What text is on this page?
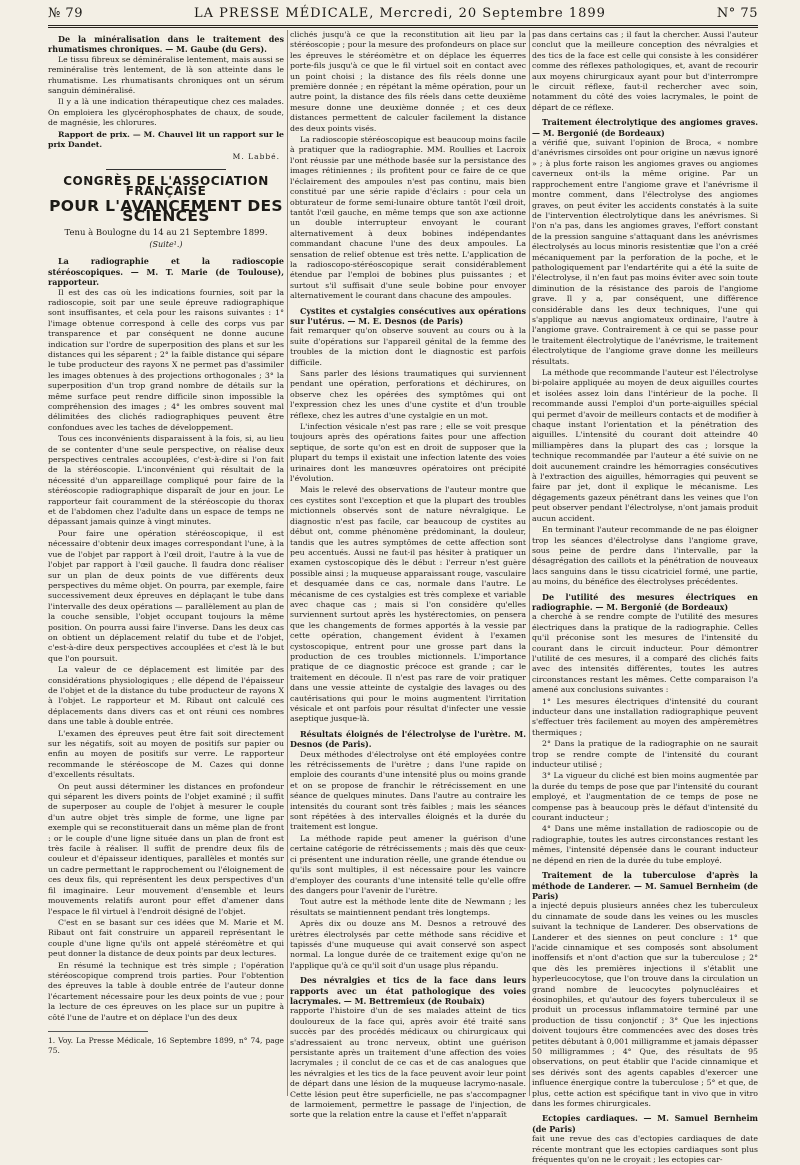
№ 79	LA PRESSE MÉDICALE, Mercredi, 20 Septembre 1899	N° 75
De la minéralisation dans le traitement des rhumatismes chroniques. — M. Gaube (du Gers).

Le tissu fibreux se déminéralise lentement, mais aussi se reminéralise très lentement, de là son atteinte dans le rhumatisme. Les rhumatisants chroniques ont un sérum sanguin déminéralisé.

Il y a là une indication thérapeutique chez ces malades. On emploiera les glycérophosphates de chaux, de soude, de magnésie, les chlorures.

Rapport de prix. — M. Chauvel lit un rapport sur le prix Dandet.

M. Labbé.
CONGRÈS DE L'ASSOCIATION FRANÇAISE
POUR L'AVANCEMENT DES SCIENCES
Tenu à Boulogne du 14 au 21 Septembre 1899.
(Suite¹.)
La radiographie et la radioscopie stéréoscopiques. — M. T. Marie (de Toulouse), rapporteur.

Il est des cas où les indications fournies, soit par la radioscopie, soit par une seule épreuve radiographique sont insuffisantes, et cela pour les raisons suivantes : 1° l'image obtenue correspond à celle des corps vus par transparence et par conséquent ne donne aucune indication sur l'ordre de superposition des plans et sur les distances qui les séparent ; 2° la faible distance qui sépare le tube producteur des rayons X ne permet pas d'assimiler les images obtenues à des projections orthogonales ; 3° la superposition d'un trop grand nombre de détails sur la même surface peut rendre difficile sinon impossible la compréhension des images ; 4° les ombres souvent mal délimitées des clichés radiographiques peuvent être confondues avec les taches de développement.

Tous ces inconvénients disparaissent à la fois, si, au lieu de se contenter d'une seule perspective, on réalise deux perspectives centrales accouplées, c'est-à-dire si l'on fait de la stéréoscopie. L'inconvénient qui résultait de la nécessité d'un appareillage compliqué pour faire de la stéréoscopie radiographique disparaît de jour en jour. Le rapporteur fait couramment de la stéréoscopie du thorax et de l'abdomen chez l'adulte dans un espace de temps ne dépassant jamais quinze à vingt minutes.

Pour faire une opération stéréoscopique, il est nécessaire d'obtenir deux images correspondant l'une, à la vue de l'objet par rapport à l'œil droit, l'autre à la vue de l'objet par rapport à l'œil gauche. Il faudra donc réaliser sur un plan de deux points de vue différents deux perspectives du même objet. On pourra, par exemple, faire successivement deux épreuves en déplaçant le tube dans l'intervalle des deux opérations — parallèlement au plan de la couche sensible, l'objet occupant toujours la même position. On pourra aussi faire l'inverse. Dans les deux cas on obtient un déplacement relatif du tube et de l'objet, c'est-à-dire deux perspectives accouplées et c'est là le but que l'on poursuit.

La valeur de ce déplacement est limitée par des considérations physiologiques ; elle dépend de l'épaisseur de l'objet et de la distance du tube producteur de rayons X à l'objet. Le rapporteur et M. Ribaut ont calculé ces déplacements dans divers cas et ont réuni ces nombres dans une table à double entrée.

L'examen des épreuves peut être fait soit directement sur les négatifs, soit au moyen de positifs sur papier ou enfin au moyen de positifs sur verre. Le rapporteur recommande le stéréoscope de M. Cazes qui donne d'excellents résultats.

On peut aussi déterminer les distances en profondeur qui séparent les divers points de l'objet examiné ; il suffit de superposer au couple de l'objet à mesurer le couple d'un autre objet très simple de forme, une ligne par exemple qui se reconstituerait dans un même plan de front : or le couple d'une ligne située dans un plan de front est très facile à réaliser. Il suffit de prendre deux fils de couleur et d'épaisseur identiques, parallèles et montés sur un cadre permettant le rapprochement ou l'éloignement de ces deux fils, qui représentent les deux perspectives d'un fil imaginaire. Leur mouvement d'ensemble et leurs mouvements relatifs auront pour effet d'amener dans l'espace le fil virtuel à l'endroit désigné de l'objet.

C'est en se basant sur ces idées que M. Marie et M. Ribaut ont fait construire un appareil représentant le couple d'une ligne qu'ils ont appelé stéréomètre et qui peut donner la distance de deux points par deux lectures.

En résumé la technique est très simple ; l'opération stéréoscopique comprend trois parties. Pour l'obtention des épreuves la table à double entrée de l'auteur donne l'écartement nécessaire pour les deux points de vue ; pour la lecture de ces épreuves on les place sur un pupitre à côté l'une de l'autre et on déplace l'un des deux

1. Voy. La Presse Médicale, 16 Septembre 1899, n° 74, page 75.

clichés jusqu'à ce que la reconstitution ait lieu par la stéréoscopie ; pour la mesure des profondeurs on place sur les épreuves le stéréomètre et on déplace les équerres porte-fils jusqu'à ce que le fil virtuel soit en contact avec un point choisi ; la distance des fils réels donne une première donnée ; en répétant la même opération, pour un autre point, la distance des fils réels dans cette deuxième mesure donne une deuxième donnée ; et ces deux distances permettent de calculer facilement la distance des deux points visés.

La radioscopie stéréoscopique est beaucoup moins facile à pratiquer que la radiographie. MM. Roullies et Lacroix l'ont réussie par une méthode basée sur la persistance des images rétiniennes ; ils profitent pour ce faire de ce que l'éclairement des ampoules n'est pas continu, mais bien constitué par une série rapide d'éclairs : pour cela un obturateur de forme semi-lunaire obture tantôt l'œil droit, tantôt l'œil gauche, en même temps que son axe actionne un double interrupteur envoyant le courant alternativement à deux bobines indépendantes commandant chacune l'une des deux ampoules. La sensation de relief obtenue est très nette. L'application de la radioscopo-stéréoscopique serait considérablement étendue par l'emploi de bobines plus puissantes ; et surtout s'il suffisait d'une seule bobine pour envoyer alternativement le courant dans chacune des ampoules.

Cystites et cystalgies consécutives aux opérations sur l'utérus. — M. E. Desnos (de Paris)

fait remarquer qu'on observe souvent au cours ou à la suite d'opérations sur l'appareil génital de la femme des troubles de la miction dont le diagnostic est parfois difficile.

Sans parler des lésions traumatiques qui surviennent pendant une opération, perforations et déchirures, on observe chez les opérées des symptômes qui ont l'expression chez les unes d'une cystite et d'un trouble réflexe, chez les autres d'une cystalgie en un mot.

L'infection vésicale n'est pas rare ; elle se voit presque toujours après des opérations faites pour une affection septique, de sorte qu'on est en droit de supposer que la plupart du temps il existait une infection latente des voies urinaires dont les manœuvres opératoires ont précipité l'évolution.

Mais le relevé des observations de l'auteur montre que ces cystites sont l'exception et que la plupart des troubles mictionnels observés sont de nature névralgique. Le diagnostic n'est pas facile, car beaucoup de cystites au début ont, comme phénomène prédominant, la douleur, tandis que les autres symptômes de cette affection sont peu accentués. Aussi ne faut-il pas hésiter à pratiquer un examen cystoscopique dès le début : l'erreur n'est guère possible ainsi ; la muqueuse apparaissant rouge, vasculaire et desquamée dans ce cas, normale dans l'autre. Le mécanisme de ces cystalgies est très complexe et variable avec chaque cas ; mais si l'on considère qu'elles surviennent surtout après les hystérectomies, on pensera que les changements de formes apportés à la vessie par cette opération, changement évident à l'examen cystoscopique, entrent pour une grosse part dans la production de ces troubles mictionnels. L'importance pratique de ce diagnostic précoce est grande ; car le traitement en découle. Il n'est pas rare de voir pratiquer dans une vessie atteinte de cystalgie des lavages ou des cautérisations qui pour le moins augmentent l'irritation vésicale et ont parfois pour résultat d'infecter une vessie aseptique jusque-là.

Résultats éloignés de l'électrolyse de l'urètre. M. Desnos (de Paris).

Deux méthodes d'électrolyse ont été employées contre les rétrécissements de l'urètre ; dans l'une rapide on emploie des courants d'une intensité plus ou moins grande et on se propose de franchir le rétrécissement en une séance de quelques minutes. Dans l'autre au contraire les intensités du courant sont très faibles ; mais les séances sont répétées à des intervalles éloignés et la durée du traitement est longue.

La méthode rapide peut amener la guérison d'une certaine catégorie de rétrécissements ; mais dès que ceux-ci présentent une induration réelle, une grande étendue ou qu'ils sont multiples, il est nécessaire pour les vaincre d'employer des courants d'une intensité telle qu'elle offre des dangers pour l'avenir de l'urètre.

Tout autre est la méthode lente dite de Newmann ; les résultats se maintiennent pendant très longtemps.

Après dix ou douze ans M. Desnos a retrouvé des urètres électrolysés par cette méthode sans récidive et tapissés d'une muqueuse qui avait conservé son aspect normal. La longue durée de ce traitement exige qu'on ne l'applique qu'à ce qu'il soit d'un usage plus répandu.

Des névralgies et tics de la face dans leurs rapports avec un état pathologique des voies lacrymales. — M. Bettremieux (de Roubaix)

rapporte l'histoire d'un de ses malades atteint de tics douloureux de la face qui, après avoir été traité sans succès par des procédés médicaux ou chirurgicaux qui s'adressaient au tronc nerveux, obtint une guérison persistante après un traitement d'une affection des voies lacrymales ; il conclut de ce cas et de cas analogues que les névralgies et les tics de la face peuvent avoir leur point de départ dans une lésion de la muqueuse lacrymo-nasale. Cette lésion peut être superficielle, ne pas s'accompagner de larmoiement, permettre le passage de l'injection, de sorte que la relation entre la cause et l'effet n'apparaît

pas dans certains cas ; il faut la chercher. Aussi l'auteur conclut que la meilleure conception des névralgies et des tics de la face est celle qui consiste à les considérer comme des réflexes pathologiques, et, avant de recourir aux moyens chirurgicaux ayant pour but d'interrompre le circuit réflexe, faut-il rechercher avec soin, notamment du côté des voies lacrymales, le point de départ de ce réflexe.

Traitement électrolytique des angiomes graves. — M. Bergonié (de Bordeaux)

a vérifié que, suivant l'opinion de Broca, « nombre d'anévrismes cirsoïdes ont pour origine un nævus ignoré » ; à plus forte raison les angiomes graves ou angiomes caverneux ont-ils la même origine. Par un rapprochement entre l'angiome grave et l'anévrisme il montre comment, dans l'électrolyse des angiomes graves, on peut éviter les accidents constatés à la suite de l'intervention électrolytique dans les anévrismes. Si l'on n'a pas, dans les angiomes graves, l'effort constant de la pression sanguine s'attaquant dans les anévrismes électrolysés au locus minoris resistentiæ que l'on a créé mécaniquement par la perforation de la poche, et le pathologiquement par l'endartérite qui a été la suite de l'électrolyse, il n'en faut pas moins éviter avec soin toute diminution de la résistance des parois de l'angiome grave. Il y a, par conséquent, une différence considérable dans les deux techniques, l'une qui s'applique au nævus angiomateux ordinaire, l'autre à l'angiome grave. Contrairement à ce qui se passe pour le traitement électrolytique de l'anévrisme, le traitement électrolytique de l'angiome grave donne les meilleurs résultats.

La méthode que recommande l'auteur est l'électrolyse bi-polaire appliquée au moyen de deux aiguilles courtes et isolées assez loin dans l'intérieur de la poche. Il recommande aussi l'emploi d'un porte-aiguilles spécial qui permet d'avoir de meilleurs contacts et de modifier à chaque instant l'orientation et la pénétration des aiguilles. L'intensité du courant doit atteindre 40 milliampères dans la plupart des cas ; lorsque la technique recommandée par l'auteur a été suivie on ne doit aucunement craindre les hémorragies consécutives à l'extraction des aiguilles, hémorragies qui peuvent se faire par jet, dont il explique le mécanisme. Les dégagements gazeux pénétrant dans les veines que l'on peut observer pendant l'électrolyse, n'ont jamais produit aucun accident.

En terminant l'auteur recommande de ne pas éloigner trop les séances d'électrolyse dans l'angiome grave, sous peine de perdre dans l'intervalle, par la désagrégation des caillots et la pénétration de nouveaux lacs sanguins dans le tissu cicatriciel formé, une partie, au moins, du bénéfice des électrolyses précédentes.

De l'utilité des mesures électriques en radiographie. — M. Bergonié (de Bordeaux)

a cherché à se rendre compte de l'utilité des mesures électriques dans la pratique de la radiographie. Celles qu'il préconise sont les mesures de l'intensité du courant dans le circuit inducteur. Pour démontrer l'utilité de ces mesures, il a comparé des clichés faits avec des intensités différentes, toutes les autres circonstances restant les mêmes. Cette comparaison l'a amené aux conclusions suivantes :

1° Les mesures électriques d'intensité du courant inducteur dans une installation radiographique peuvent s'effectuer très facilement au moyen des ampèremètres thermiques ;

2° Dans la pratique de la radiographie on ne saurait trop se rendre compte de l'intensité du courant inducteur utilisé ;

3° La vigueur du cliché est bien moins augmentée par la durée du temps de pose que par l'intensité du courant employé, et l'augmentation de ce temps de pose ne compense pas à beaucoup près le défaut d'intensité du courant inducteur ;

4° Dans une même installation de radioscopie ou de radiographie, toutes les autres circonstances restant les mêmes, l'intensité dépensée dans le courant inducteur ne dépend en rien de la durée du tube employé.

Traitement de la tuberculose d'après la méthode de Landerer. — M. Samuel Bernheim (de Paris)

a injecté depuis plusieurs années chez les tuberculeux du cinnamate de soude dans les veines ou les muscles suivant la technique de Landerer. Des observations de Landerer et des siennes on peut conclure : 1° que l'acide cinnamique et ses composés sont absolument inoffensifs et n'ont d'action que sur la tuberculose ; 2° que dès les premières injections il s'établit une hyperleucocytose, que l'on trouve dans la circulation un grand nombre de leucocytes polynucléaires et éosinophiles, et qu'autour des foyers tuberculeux il se produit un processus inflammatoire terminé par une production de tissu conjonctif ; 3° Que les injections doivent toujours être commencées avec des doses très petites débutant à 0,001 milligramme et jamais dépasser 50 milligrammes ; 4° Que, des résultats de 95 observations, on peut établir que l'acide cinnamique et ses dérivés sont des agents capables d'exercer une influence énergique contre la tuberculose ; 5° et que, de plus, cette action est spécifique tant in vivo que in vitro dans les formes chirurgicales.

Ectopies cardiaques. — M. Samuel Bernheim (de Paris)

fait une revue des cas d'ectopies cardiaques de date récente montrant que les ectopies cardiaques sont plus fréquentes qu'on ne le croyait ; les ectopies car-
